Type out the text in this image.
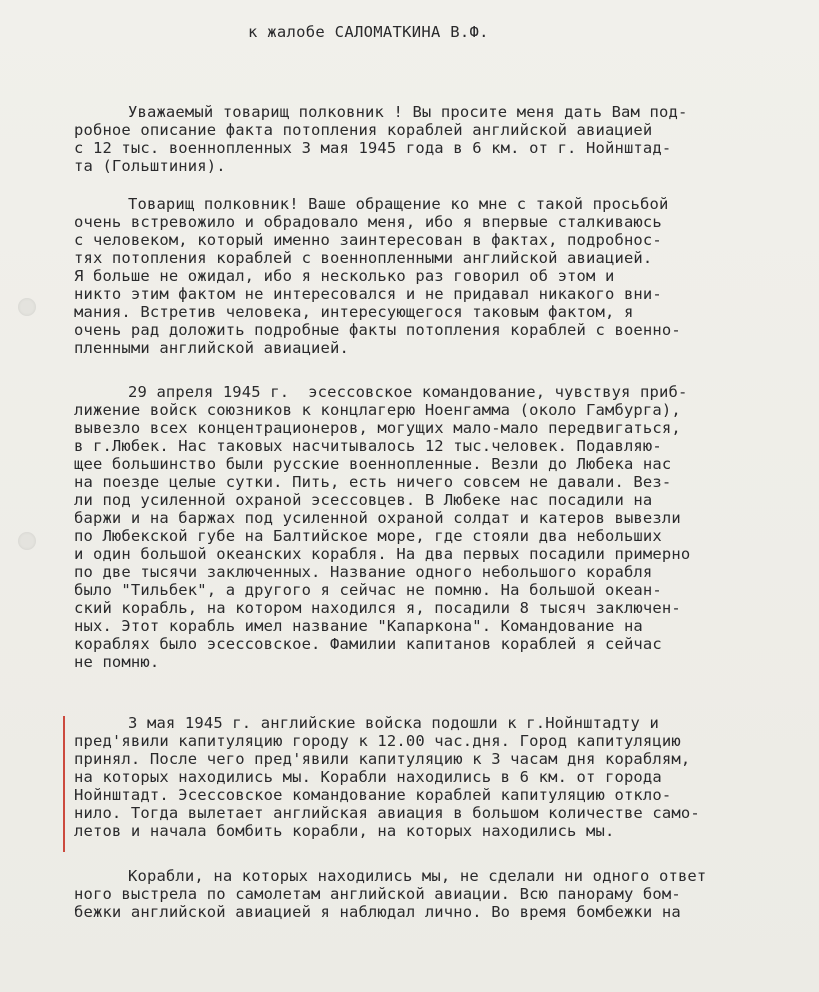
к жалобе САЛОМАТКИНА В.Ф.
Уважаемый товарищ полковник ! Вы просите меня дать Вам под-
робное описание факта потопления кораблей английской авиацией
с 12 тыс. военнопленных 3 мая 1945 года в 6 км. от г. Нойнштад-
та (Гольштиния).
Товарищ полковник! Ваше обращение ко мне с такой просьбой
очень встревожило и обрадовало меня, ибо я впервые сталкиваюсь
с человеком, который именно заинтересован в фактах, подробнос-
тях потопления кораблей с военнопленными английской авиацией.
Я больше не ожидал, ибо я несколько раз говорил об этом и
никто этим фактом не интересовался и не придавал никакого вни-
мания. Встретив человека, интересующегося таковым фактом, я
очень рад доложить подробные факты потопления кораблей с военно-
пленными английской авиацией.
29 апреля 1945 г.  эсессовское командование, чувствуя приб-
лижение войск союзников к концлагерю Ноенгамма (около Гамбурга),
вывезло всех концентрационеров, могущих мало-мало передвигаться,
в г.Любек. Нас таковых насчитывалось 12 тыс.человек. Подавляю-
щее большинство были русские военнопленные. Везли до Любека нас
на поезде целые сутки. Пить, есть ничего совсем не давали. Вез-
ли под усиленной охраной эсессовцев. В Любеке нас посадили на
баржи и на баржах под усиленной охраной солдат и катеров вывезли
по Любекской губе на Балтийское море, где стояли два небольших
и один большой океанских корабля. На два первых посадили примерно
по две тысячи заключенных. Название одного небольшого корабля
было "Тильбек", а другого я сейчас не помню. На большой океан-
ский корабль, на котором находился я, посадили 8 тысяч заключен-
ных. Этот корабль имел название "Капаркона". Командование на
кораблях было эсессовское. Фамилии капитанов кораблей я сейчас
не помню.
3 мая 1945 г. английские войска подошли к г.Нойнштадту и
пред'явили капитуляцию городу к 12.00 час.дня. Город капитуляцию
принял. После чего пред'явили капитуляцию к 3 часам дня кораблям,
на которых находились мы. Корабли находились в 6 км. от города
Нойнштадт. Эсессовское командование кораблей капитуляцию откло-
нило. Тогда вылетает английская авиация в большом количестве само-
летов и начала бомбить корабли, на которых находились мы.
Корабли, на которых находились мы, не сделали ни одного ответ
ного выстрела по самолетам английской авиации. Всю панораму бом-
бежки английской авиацией я наблюдал лично. Во время бомбежки на
